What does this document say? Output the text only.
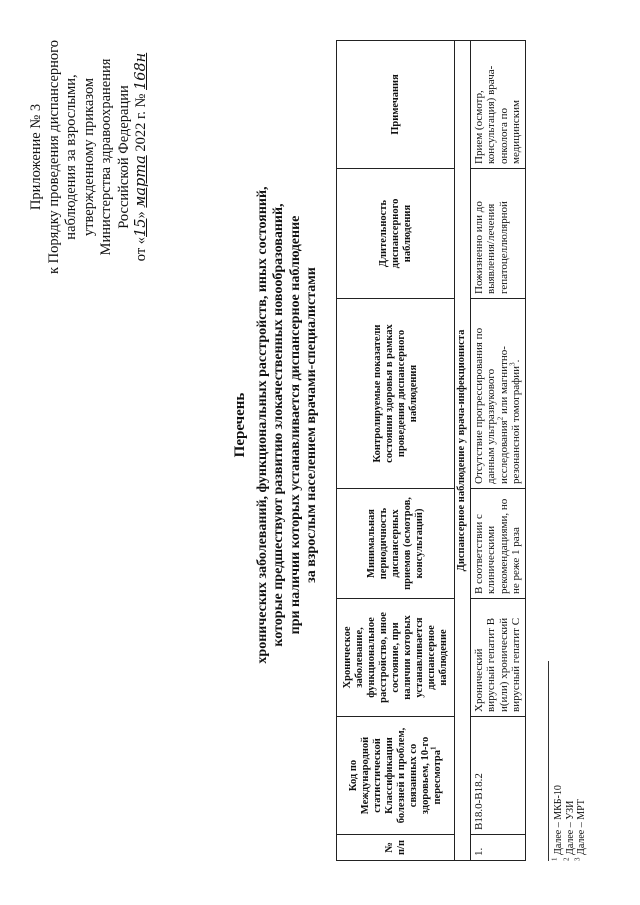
Приложение № 3 к Порядку проведения диспансерного наблюдения за взрослыми, утвержденному приказом Министерства здравоохранения Российской Федерации
от «15» марта 2022 г. № 168н
Перечень хронических заболеваний, функциональных расстройств, иных состояний, которые предшествуют развитию злокачественных новообразований, при наличии которых устанавливается диспансерное наблюдение за взрослым населением врачами-специалистами
№ п/п	Код по Международной статистической Классификации болезней и проблем, связанных со здоровьем, 10-го пересмотра$^1$	Хроническое заболевание, функциональное расстройство, иное состояние, при наличии которых устанавливается диспансерное наблюдение	Минимальная периодичность диспансерных приемов (осмотров, консультаций)	Контролируемые показатели состояния здоровья в рамках проведения диспансерного наблюдения	Длительность диспансерного наблюдения	Примечания
Диспансерное наблюдение у врача-инфекциониста						
1.	B18.0-B18.2	Хронический вирусный гепатит B и(или) хронический вирусный гепатит C	В соответствии с клиническими рекомендациями, но не реже 1 раза	Отсутствие прогрессирования по данным ультразвукового исследования$^2$ или магнитно-резонансной томографии$^3$.	Пожизненно или до выявления/лечения гепатоцеллюлярной	Прием (осмотр, консультация) врача-онколога по медицинским
$^1$ Далее – МКБ-10
$^2$ Далее – УЗИ
$^3$ Далее – МРТ
